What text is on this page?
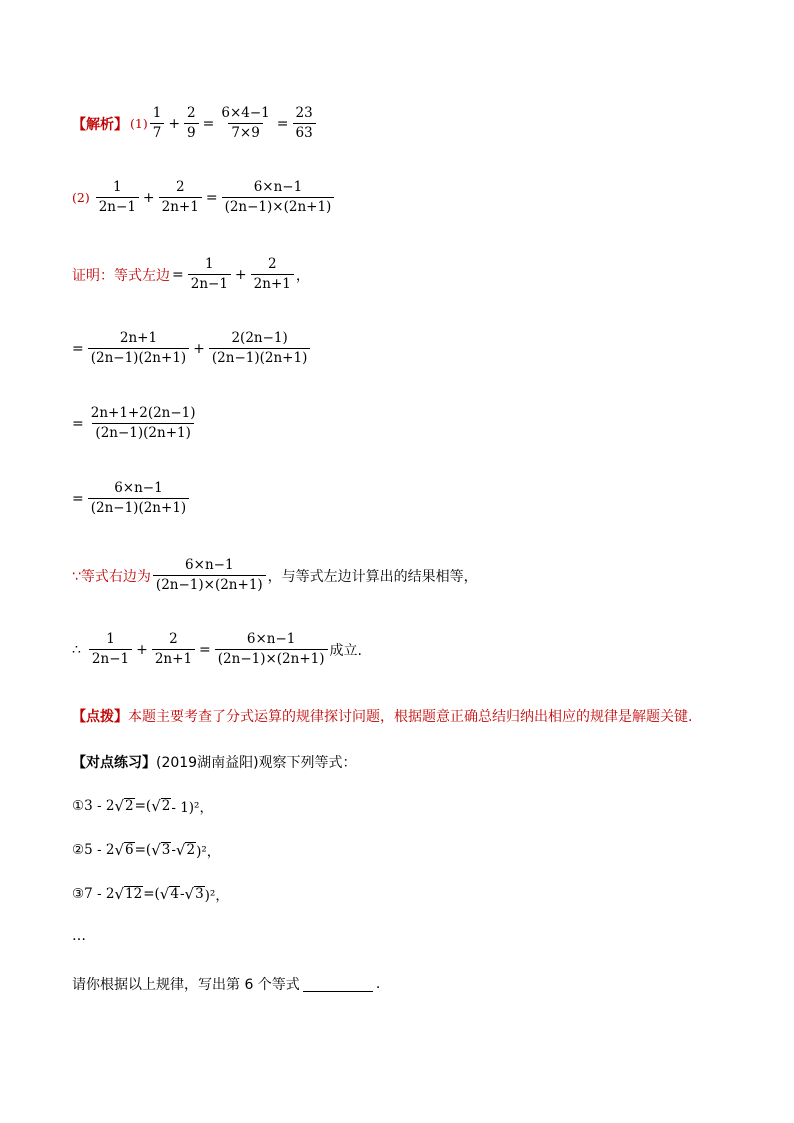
【解析】 $(1) \frac{1}{7} + \frac{2}{9} = \frac{6\times 4-1}{7\times 9} = \frac{23}{63}$
$(2) \frac{1}{2n-1} + \frac{2}{2n+1} = \frac{6\times n-1}{(2n-1)\times(2n+1)}$
证明：等式左边 = $\frac{1}{2n-1} + \frac{2}{2n+1}$ ，
= $\frac{2n+1}{(2n-1)(2n+1)} + \frac{2(2n-1)}{(2n-1)(2n+1)}$
= $\frac{2n+1+2(2n-1)}{(2n-1)(2n+1)}$
= $\frac{6\times n-1}{(2n-1)(2n+1)}$
∵等式右边为 $\frac{6\times n-1}{(2n-1)\times(2n+1)}$ ，与等式左边计算出的结果相等，
∴ $\frac{1}{2n-1} + \frac{2}{2n+1} = \frac{6\times n-1}{(2n-1)\times(2n+1)}$ 成立.
【点拨】 本题主要考查了分式运算的规律探讨问题，根据题意正确总结归纳出相应的规律是解题关键.
【对点练习】 (2019湖南益阳)观察下列等式：
① 3 - 2 √ 2 =( √ 2 - 1)²，
② 5 - 2 √ 6 =( √ 3 - √ 2 )²，
③ 7 - 2 √ 12 =( √ 4 - √ 3 )²，
…
请你根据以上规律，写出第 6 个等式	.
